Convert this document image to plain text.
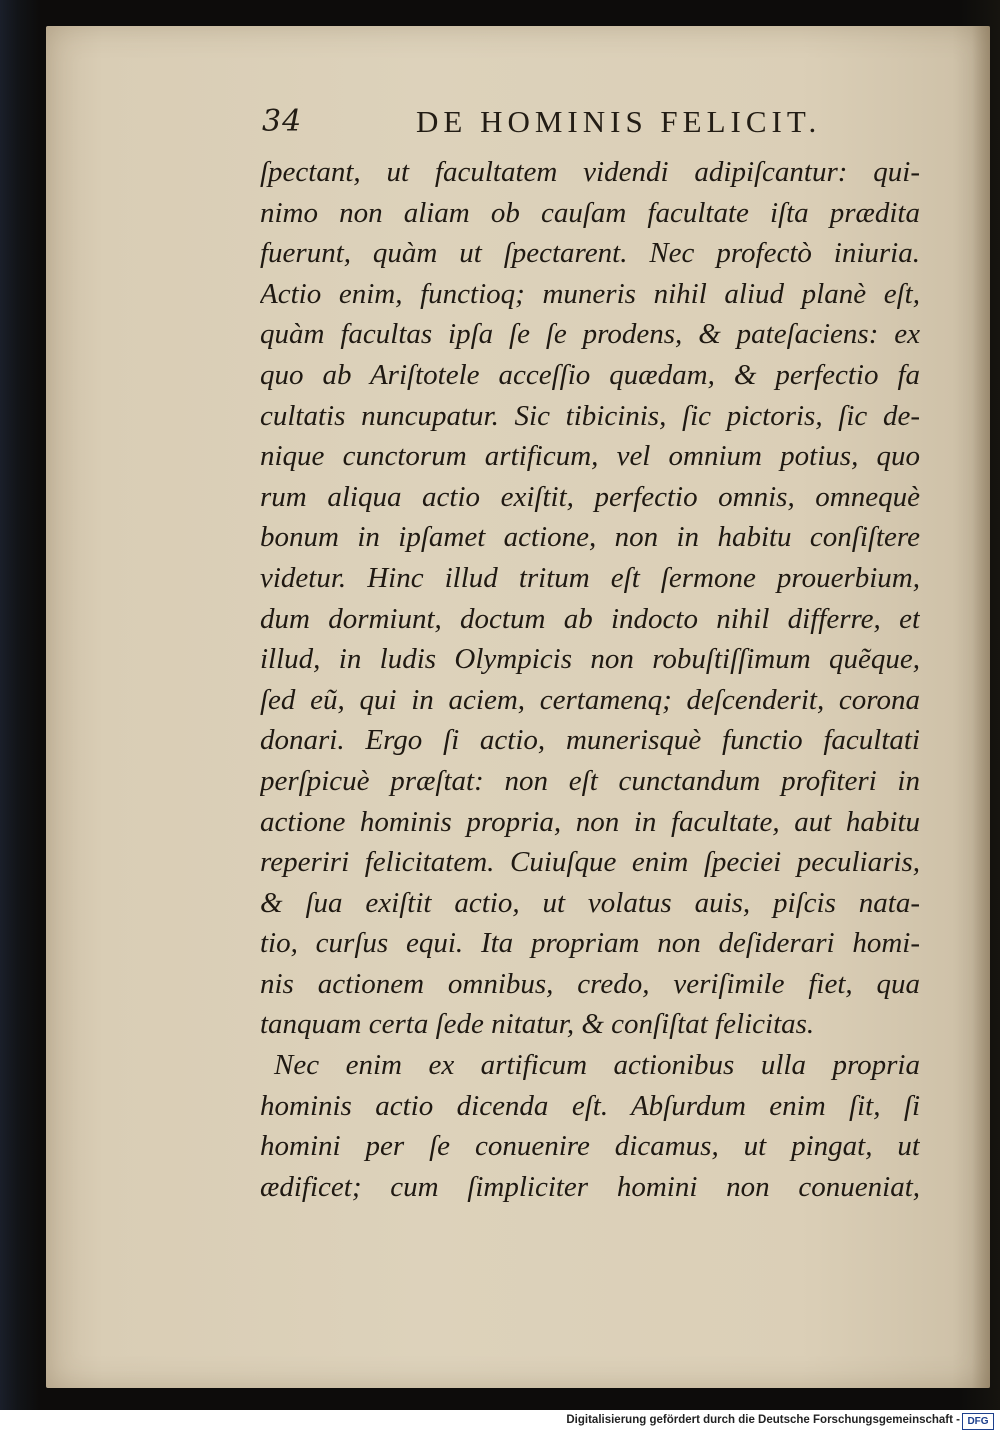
34	DE HOMINIS FELICIT.
ſpectant, ut facultatem videndi adipiſcantur: qui-
nimo non aliam ob cauſam facultate iſta prædita
fuerunt, quàm ut ſpectarent. Nec profectò iniuria.
Actio enim, functioq; muneris nihil aliud planè eſt,
quàm facultas ipſa ſe ſe prodens, & pateſaciens: ex
quo ab Ariſtotele acceſſio quædam, & perfectio fa
cultatis nuncupatur. Sic tibicinis, ſic pictoris, ſic de-
nique cunctorum artificum, vel omnium potius, quo
rum aliqua actio exiſtit, perfectio omnis, omnequè
bonum in ipſamet actione, non in habitu conſiſtere
videtur. Hinc illud tritum eſt ſermone prouerbium,
dum dormiunt, doctum ab indocto nihil differre, et
illud, in ludis Olympicis non robuſtiſſimum quẽque,
ſed eũ, qui in aciem, certamenq; deſcenderit, corona
donari. Ergo ſi actio, munerisquè functio facultati
perſpicuè præſtat: non eſt cunctandum profiteri in
actione hominis propria, non in facultate, aut habitu
reperiri felicitatem. Cuiuſque enim ſpeciei peculiaris,
& ſua exiſtit actio, ut volatus auis, piſcis nata-
tio, curſus equi. Ita propriam non deſiderari homi-
nis actionem omnibus, credo, veriſimile fiet, qua
tanquam certa ſede nitatur, & conſiſtat felicitas.
Nec enim ex artificum actionibus ulla propria
hominis actio dicenda eſt. Abſurdum enim ſit, ſi
homini per ſe conuenire dicamus, ut pingat, ut
ædificet; cum ſimpliciter homini non conueniat,
Digitalisierung gefördert durch die Deutsche Forschungsgemeinschaft - DFG
